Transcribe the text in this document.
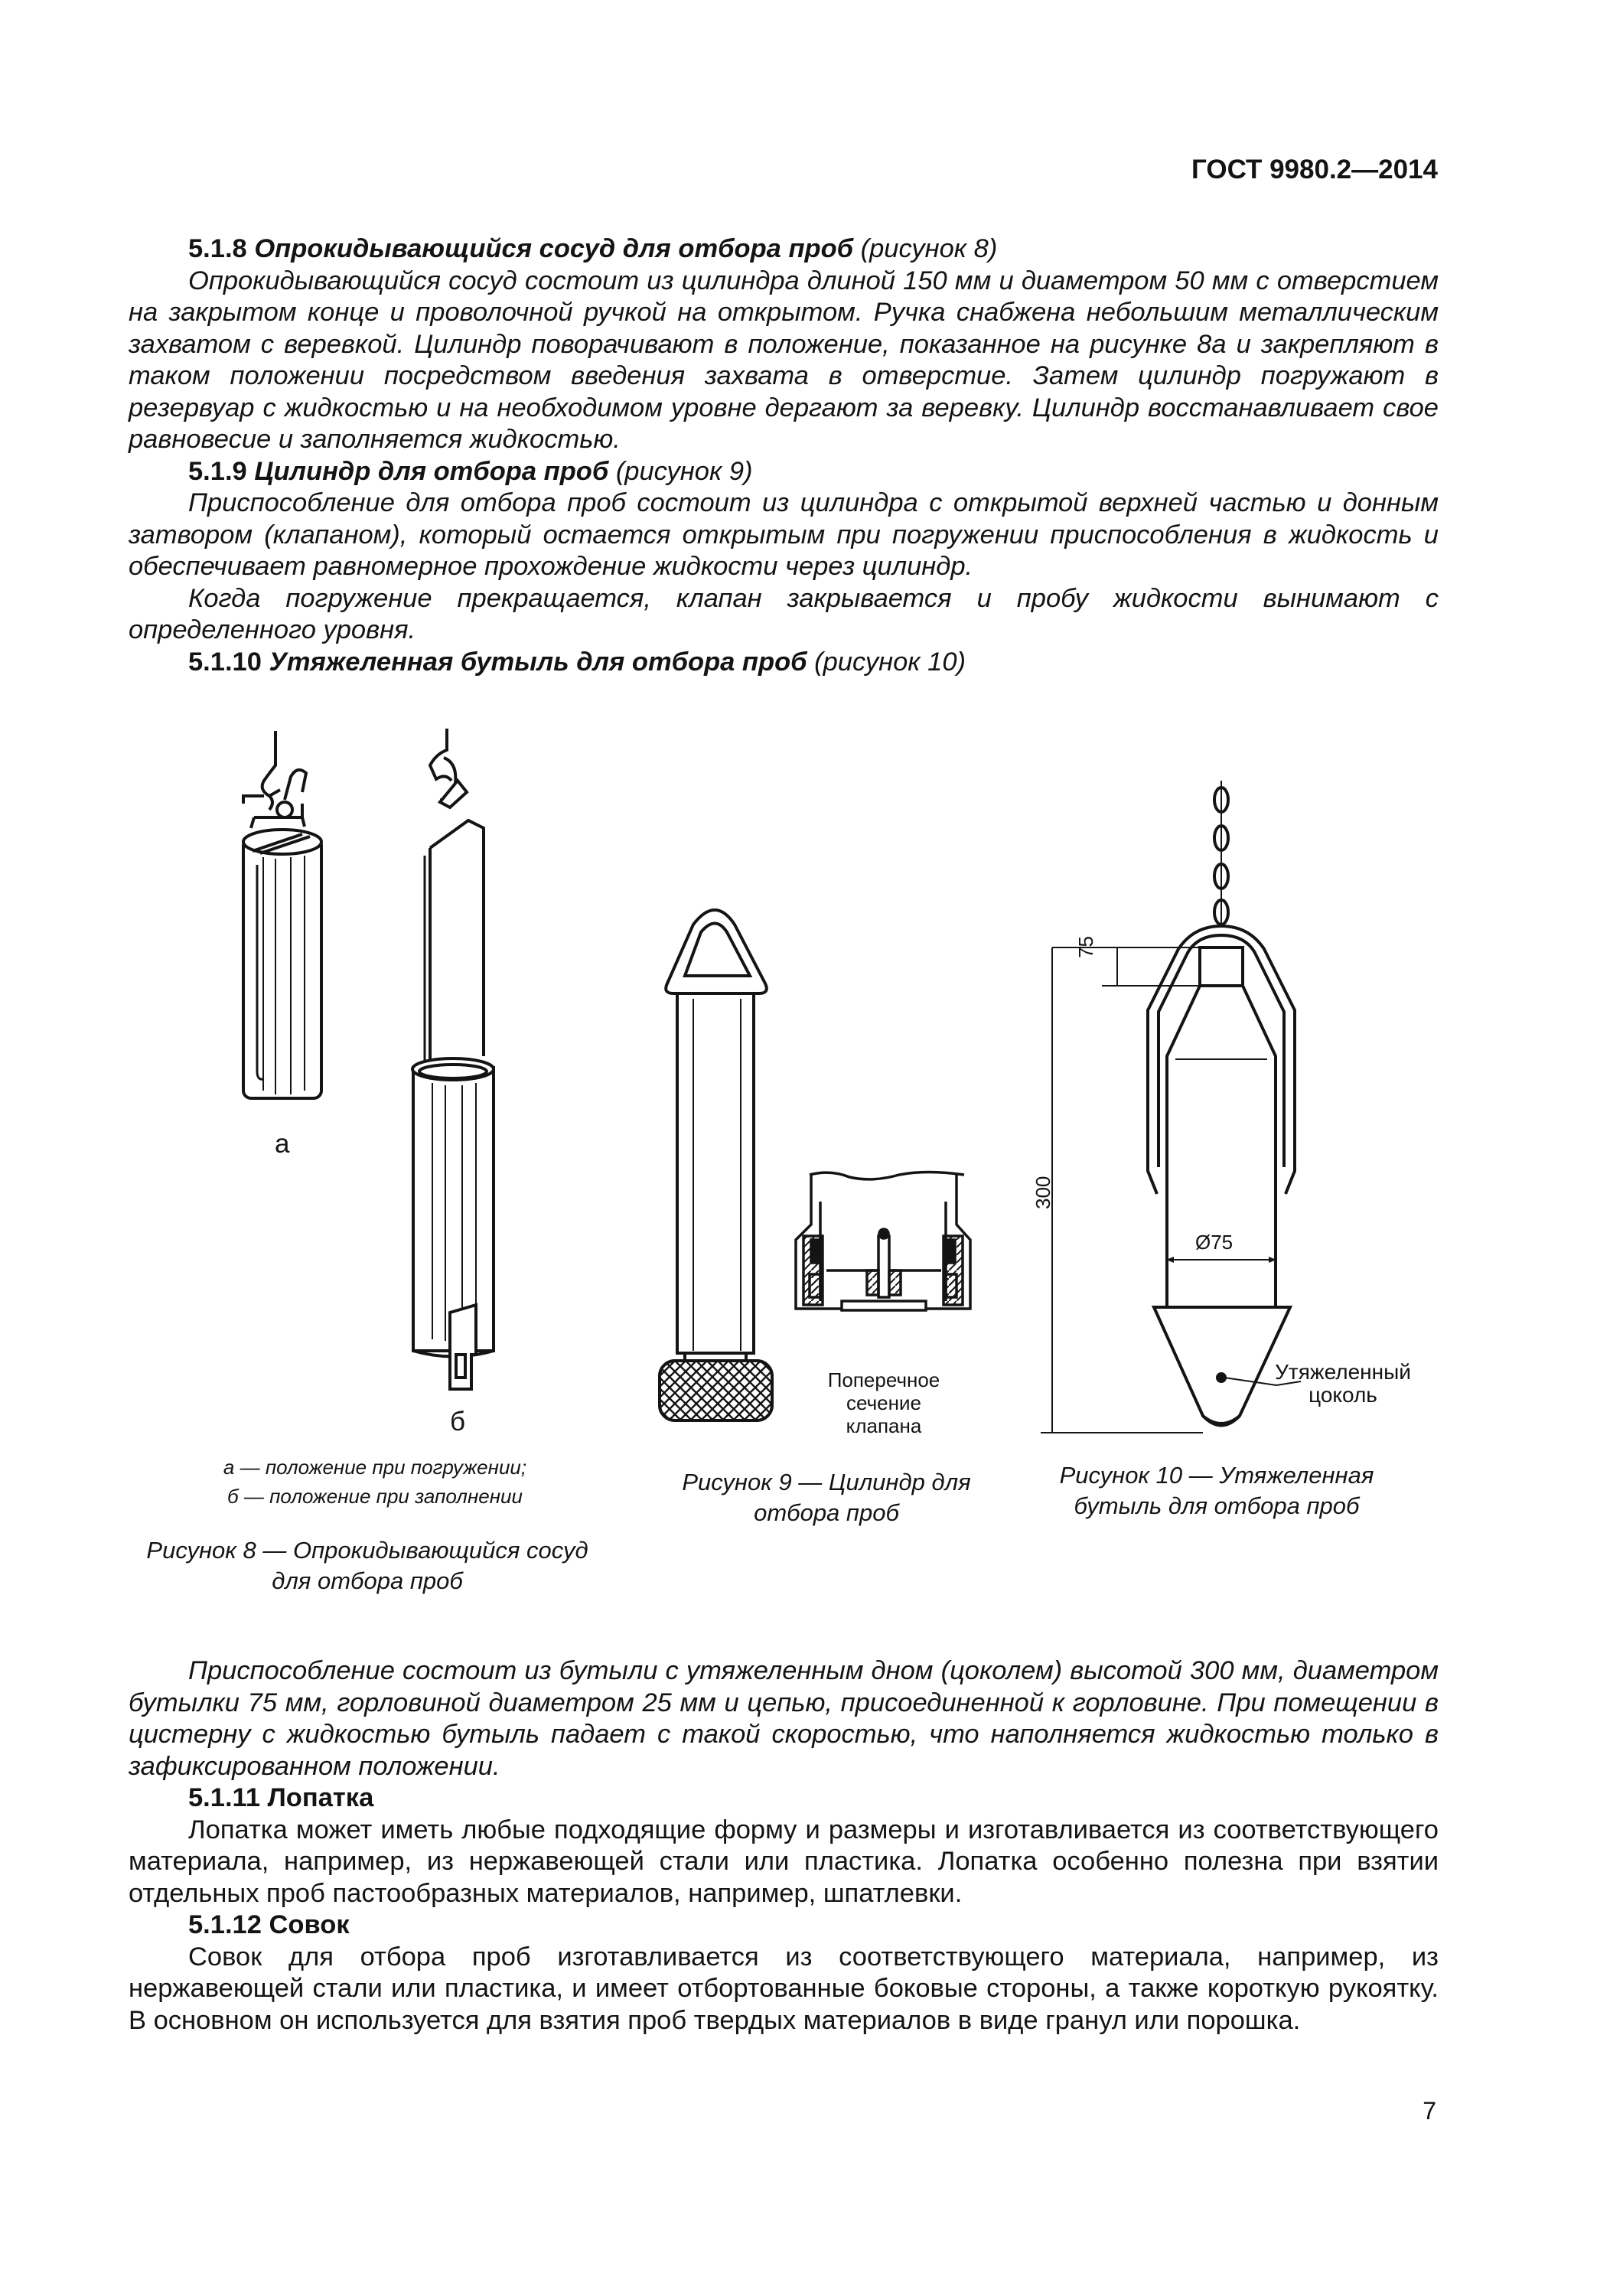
ГОСТ 9980.2—2014

5.1.8 Опрокидывающийся сосуд для отбора проб (рисунок 8)

Опрокидывающийся сосуд состоит из цилиндра длиной 150 мм и диаметром 50 мм с отверстием на закрытом конце и проволочной ручкой на открытом. Ручка снабжена небольшим металлическим захватом с веревкой. Цилиндр поворачивают в положение, показанное на рисунке 8а и закрепляют в таком положении посредством введения захвата в отверстие. Затем цилиндр погружают в резервуар с жидкостью и на необходимом уровне дергают за веревку. Цилиндр восстанавливает свое равновесие и заполняется жидкостью.

5.1.9 Цилиндр для отбора проб (рисунок 9)

Приспособление для отбора проб состоит из цилиндра с открытой верхней частью и донным затвором (клапаном), который остается открытым при погружении приспособления в жидкость и обеспечивает равномерное прохождение жидкости через цилиндр.

Когда погружение прекращается, клапан закрывается и пробу жидкости вынимают с определенного уровня.

5.1.10 Утяжеленная бутыль для отбора проб (рисунок 10)

а
б
а — положение при погружении;
б — положение при заполнении
Рисунок 8 — Опрокидывающийся сосуд
для отбора проб
Поперечное
сечение
клапана
Рисунок 9 — Цилиндр для
отбора проб
75
300
Ø75
Утяжеленный
цоколь
Рисунок 10 — Утяжеленная
бутыль для отбора проб

Приспособление состоит из бутыли с утяжеленным дном (цоколем) высотой 300 мм, диаметром бутылки 75 мм, горловиной диаметром 25 мм и цепью, присоединенной к горловине. При помещении в цистерну с жидкостью бутыль падает с такой скоростью, что наполняется жидкостью только в зафиксированном положении.

5.1.11 Лопатка

Лопатка может иметь любые подходящие форму и размеры и изготавливается из соответствующего материала, например, из нержавеющей стали или пластика. Лопатка особенно полезна при взятии отдельных проб пастообразных материалов, например, шпатлевки.

5.1.12 Совок

Совок для отбора проб изготавливается из соответствующего материала, например, из нержавеющей стали или пластика, и имеет отбортованные боковые стороны, а также короткую рукоятку. В основном он используется для взятия проб твердых материалов в виде гранул или порошка.

7
